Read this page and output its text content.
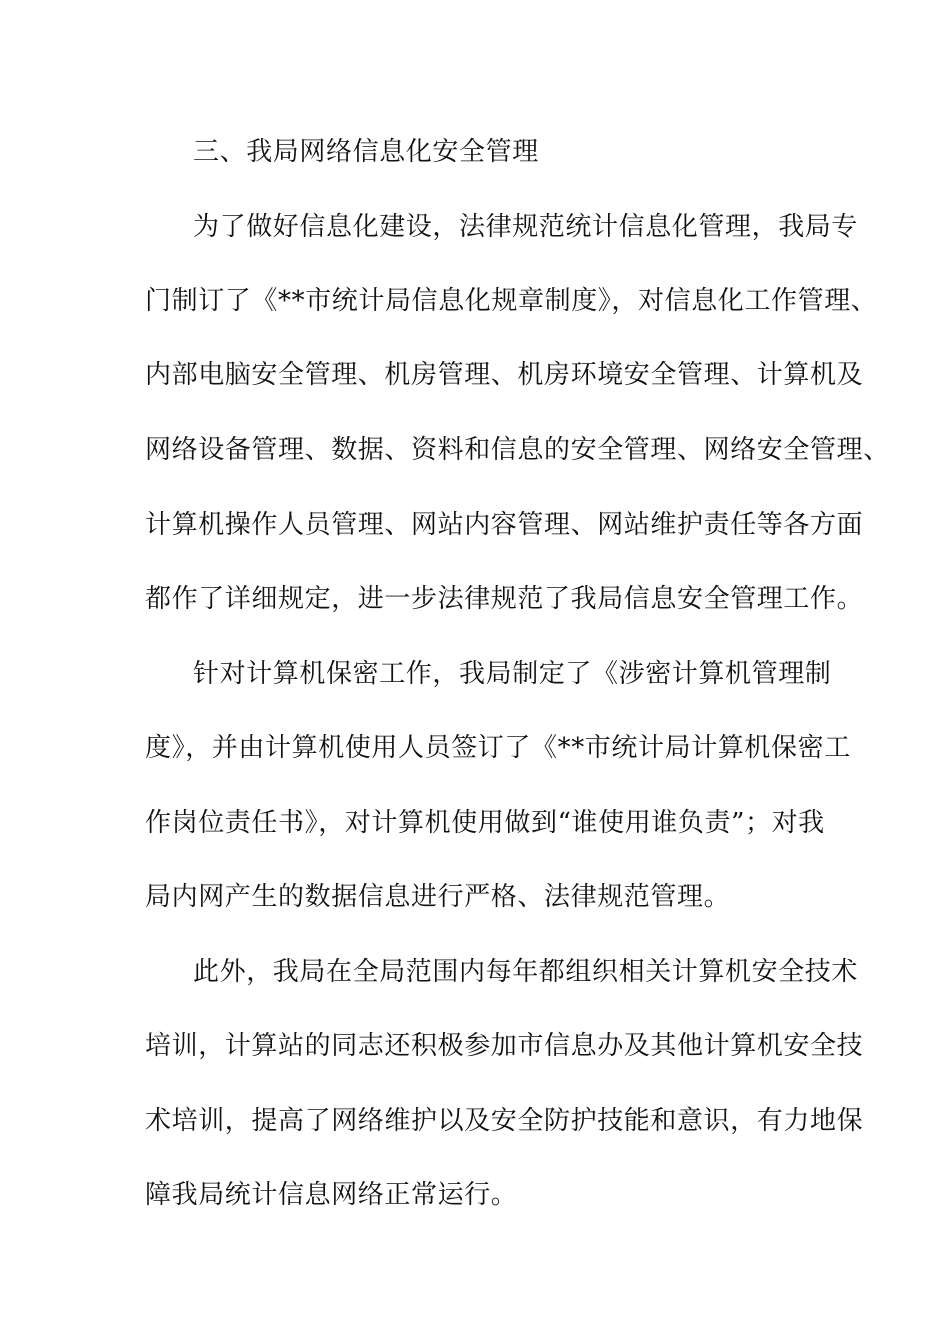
三、我局网络信息化安全管理
为了做好信息化建设，法律规范统计信息化管理，我局专
门制订了《**市统计局信息化规章制度》，对信息化工作管理、
内部电脑安全管理、机房管理、机房环境安全管理、计算机及
网络设备管理、数据、资料和信息的安全管理、网络安全管理、
计算机操作人员管理、网站内容管理、网站维护责任等各方面
都作了详细规定，进一步法律规范了我局信息安全管理工作。
针对计算机保密工作，我局制定了《涉密计算机管理制
度》，并由计算机使用人员签订了《**市统计局计算机保密工
作岗位责任书》，对计算机使用做到“谁使用谁负责”；对我
局内网产生的数据信息进行严格、法律规范管理。
此外，我局在全局范围内每年都组织相关计算机安全技术
培训，计算站的同志还积极参加市信息办及其他计算机安全技
术培训，提高了网络维护以及安全防护技能和意识，有力地保
障我局统计信息网络正常运行。
